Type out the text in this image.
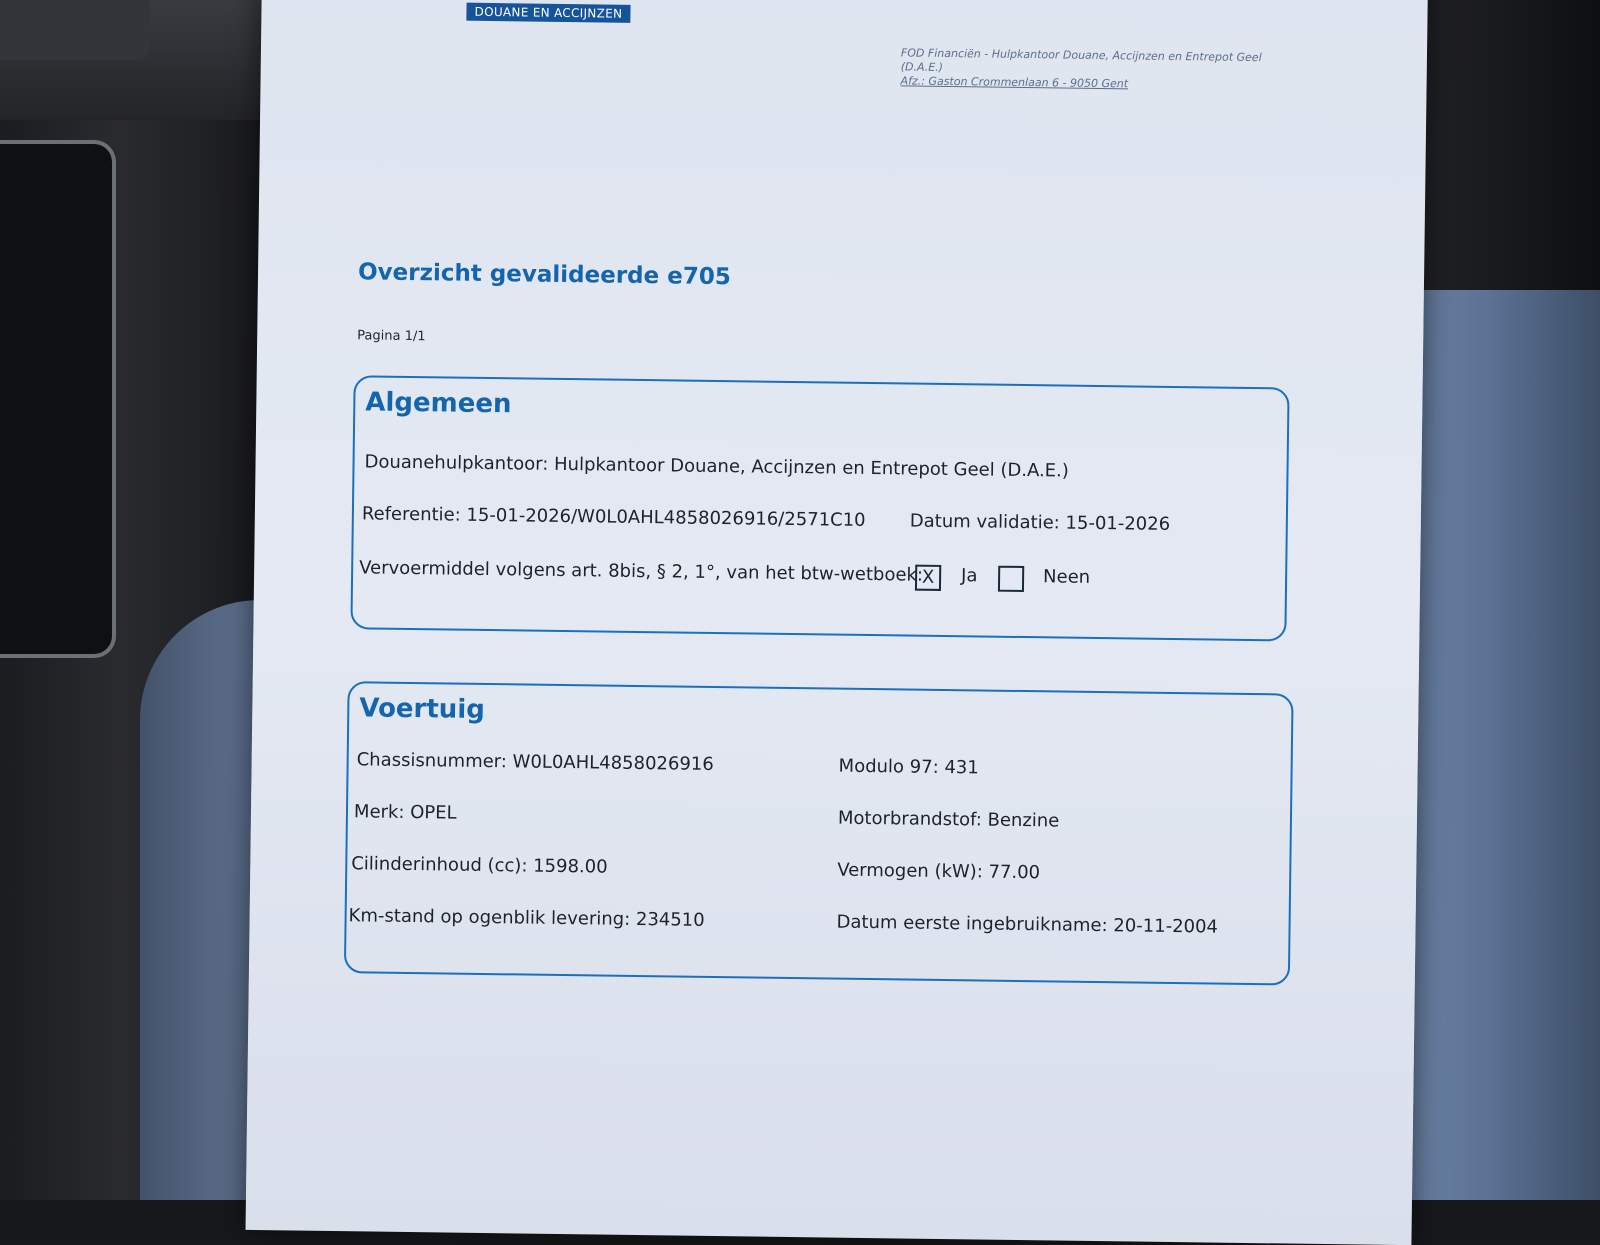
DOUANE EN ACCIJNZEN
FOD Financiën - Hulpkantoor Douane, Accijnzen en Entrepot Geel (D.A.E.)
Afz.: Gaston Crommenlaan 6 - 9050 Gent
Overzicht gevalideerde e705
Pagina 1/1
Algemeen
Douanehulpkantoor: Hulpkantoor Douane, Accijnzen en Entrepot Geel (D.A.E.)
Referentie: 15-01-2026/W0L0AHL4858026916/2571C10 Datum validatie: 15-01-2026
Vervoermiddel volgens art. 8bis, § 2, 1°, van het btw-wetboek:
X	Ja	Neen
Voertuig
Chassisnummer: W0L0AHL4858026916	Modulo 97: 431
Merk: OPEL	Motorbrandstof: Benzine
Cilinderinhoud (cc): 1598.00	Vermogen (kW): 77.00
Km-stand op ogenblik levering: 234510	Datum eerste ingebruikname: 20-11-2004
